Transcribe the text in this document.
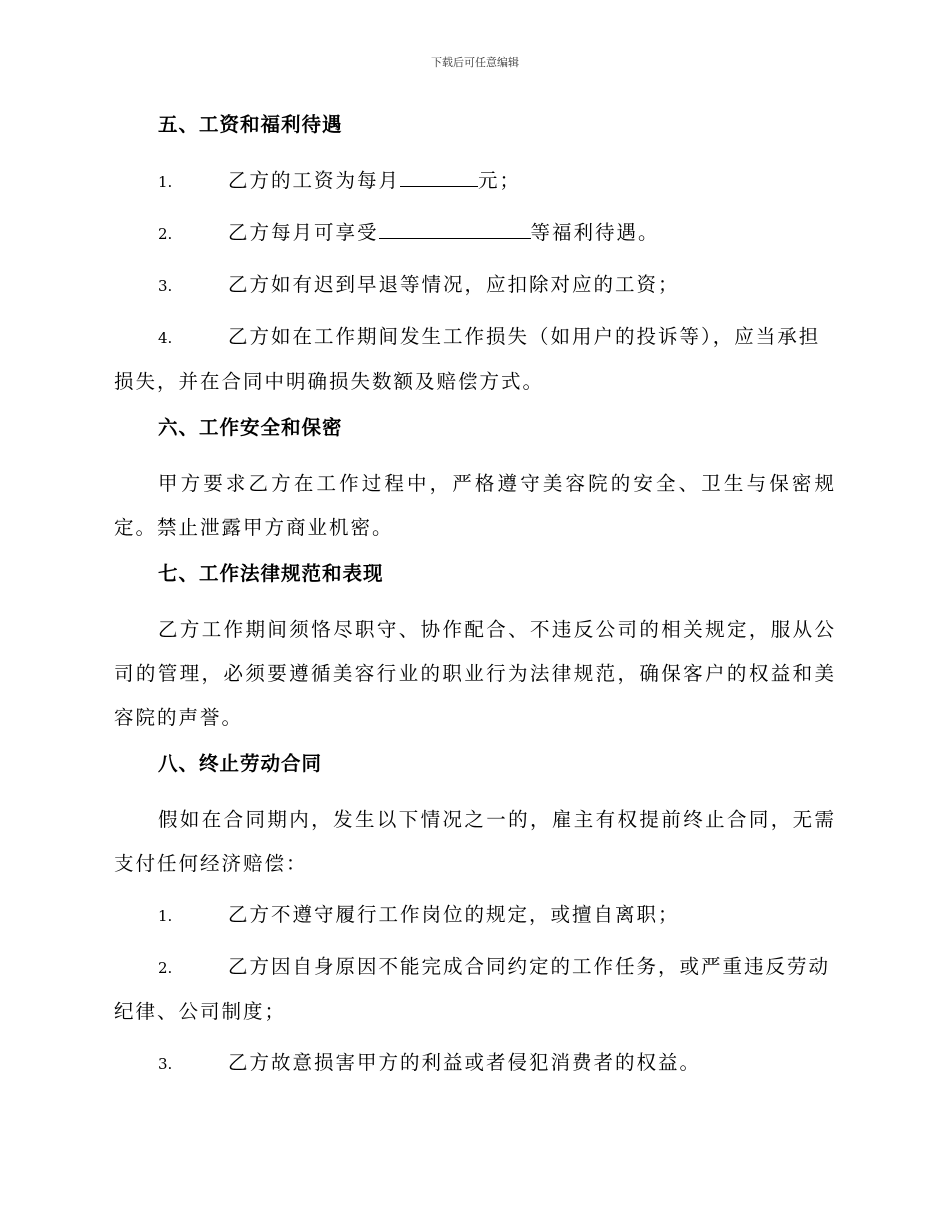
下载后可任意编辑
五、工资和福利待遇
1.	乙方的工资为每月	元；
2.	乙方每月可享受	等福利待遇。
3.	乙方如有迟到早退等情况，应扣除对应的工资；
4.	乙方如在工作期间发生工作损失（如用户的投诉等），应当承担损失，并在合同中明确损失数额及赔偿方式。
六、工作安全和保密
甲方要求乙方在工作过程中，严格遵守美容院的安全、卫生与保密规定。禁止泄露甲方商业机密。
七、工作法律规范和表现
乙方工作期间须恪尽职守、协作配合、不违反公司的相关规定，服从公司的管理，必须要遵循美容行业的职业行为法律规范，确保客户的权益和美容院的声誉。
八、终止劳动合同
假如在合同期内，发生以下情况之一的，雇主有权提前终止合同，无需支付任何经济赔偿：
1.	乙方不遵守履行工作岗位的规定，或擅自离职；
2.	乙方因自身原因不能完成合同约定的工作任务，或严重违反劳动纪律、公司制度；
3.	乙方故意损害甲方的利益或者侵犯消费者的权益。
